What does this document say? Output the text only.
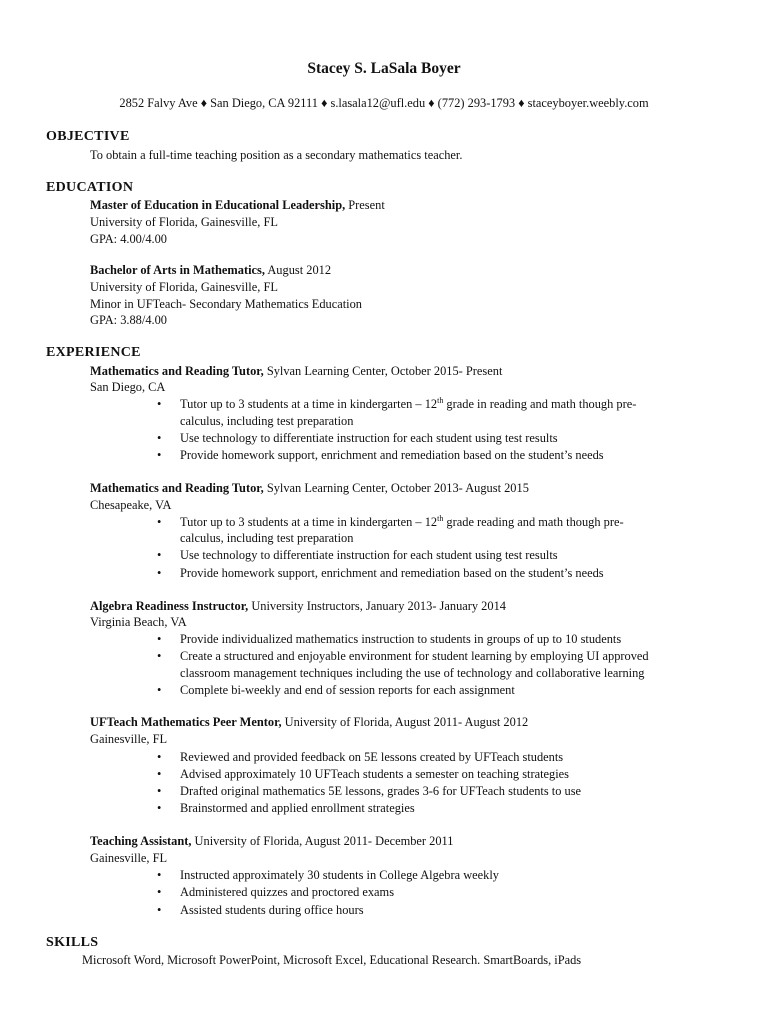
Stacey S. LaSala Boyer
2852 Falvy Ave ♦ San Diego, CA 92111 ♦ s.lasala12@ufl.edu ♦ (772) 293-1793 ♦ staceyboyer.weebly.com
OBJECTIVE
To obtain a full-time teaching position as a secondary mathematics teacher.
EDUCATION
Master of Education in Educational Leadership, Present
University of Florida, Gainesville, FL
GPA: 4.00/4.00
Bachelor of Arts in Mathematics, August 2012
University of Florida, Gainesville, FL
Minor in UFTeach- Secondary Mathematics Education
GPA: 3.88/4.00
EXPERIENCE
Mathematics and Reading Tutor, Sylvan Learning Center, October 2015- Present
San Diego, CA
•	Tutor up to 3 students at a time in kindergarten – 12th grade in reading and math though pre-
calculus, including test preparation
•	Use technology to differentiate instruction for each student using test results
•	Provide homework support, enrichment and remediation based on the student’s needs
Mathematics and Reading Tutor, Sylvan Learning Center, October 2013- August 2015
Chesapeake, VA
•	Tutor up to 3 students at a time in kindergarten – 12th grade reading and math though pre-
calculus, including test preparation
•	Use technology to differentiate instruction for each student using test results
•	Provide homework support, enrichment and remediation based on the student’s needs
Algebra Readiness Instructor, University Instructors, January 2013- January 2014
Virginia Beach, VA
•	Provide individualized mathematics instruction to students in groups of up to 10 students
•	Create a structured and enjoyable environment for student learning by employing UI approved
classroom management techniques including the use of technology and collaborative learning
•	Complete bi-weekly and end of session reports for each assignment
UFTeach Mathematics Peer Mentor, University of Florida, August 2011- August 2012
Gainesville, FL
•	Reviewed and provided feedback on 5E lessons created by UFTeach students
•	Advised approximately 10 UFTeach students a semester on teaching strategies
•	Drafted original mathematics 5E lessons, grades 3-6 for UFTeach students to use
•	Brainstormed and applied enrollment strategies
Teaching Assistant, University of Florida, August 2011- December 2011
Gainesville, FL
•	Instructed approximately 30 students in College Algebra weekly
•	Administered quizzes and proctored exams
•	Assisted students during office hours
SKILLS
Microsoft Word, Microsoft PowerPoint, Microsoft Excel, Educational Research. SmartBoards, iPads
